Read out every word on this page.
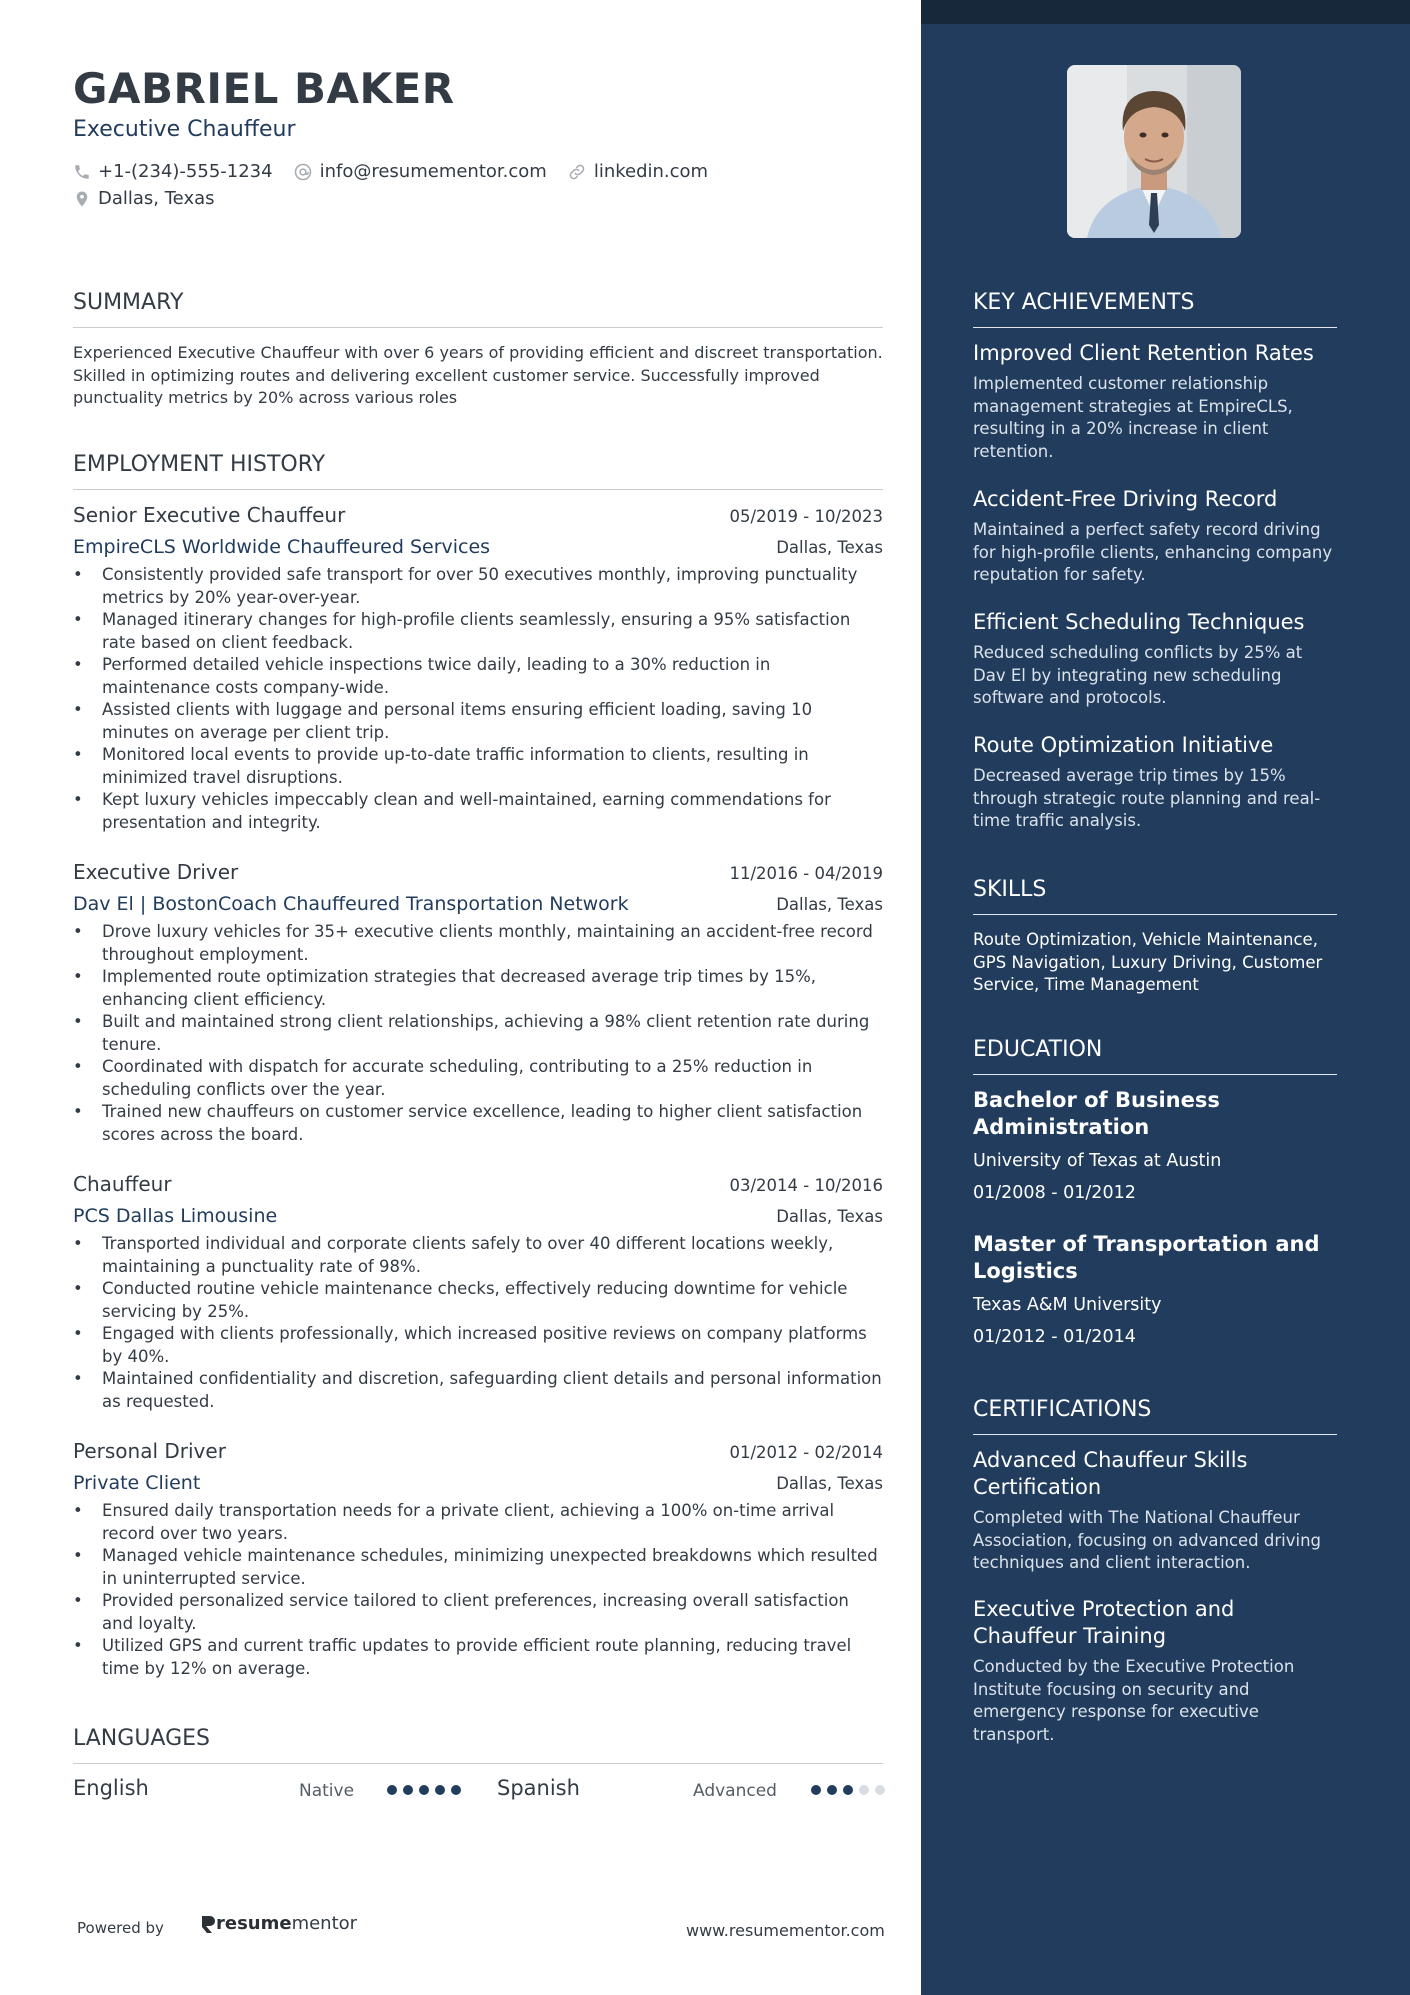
GABRIEL BAKER
Executive Chauffeur
+1-(234)-555-1234	info@resumementor.com	linkedin.com
Dallas, Texas
SUMMARY
Experienced Executive Chauffeur with over 6 years of providing efficient and discreet transportation. Skilled in optimizing routes and delivering excellent customer service. Successfully improved punctuality metrics by 20% across various roles
EMPLOYMENT HISTORY
Senior Executive Chauffeur	05/2019 - 10/2023
EmpireCLS Worldwide Chauffeured Services	Dallas, Texas
• Consistently provided safe transport for over 50 executives monthly, improving punctuality metrics by 20% year-over-year.
• Managed itinerary changes for high-profile clients seamlessly, ensuring a 95% satisfaction rate based on client feedback.
• Performed detailed vehicle inspections twice daily, leading to a 30% reduction in maintenance costs company-wide.
• Assisted clients with luggage and personal items ensuring efficient loading, saving 10 minutes on average per client trip.
• Monitored local events to provide up-to-date traffic information to clients, resulting in minimized travel disruptions.
• Kept luxury vehicles impeccably clean and well-maintained, earning commendations for presentation and integrity.
Executive Driver	11/2016 - 04/2019
Dav El | BostonCoach Chauffeured Transportation Network	Dallas, Texas
• Drove luxury vehicles for 35+ executive clients monthly, maintaining an accident-free record throughout employment.
• Implemented route optimization strategies that decreased average trip times by 15%, enhancing client efficiency.
• Built and maintained strong client relationships, achieving a 98% client retention rate during tenure.
• Coordinated with dispatch for accurate scheduling, contributing to a 25% reduction in scheduling conflicts over the year.
• Trained new chauffeurs on customer service excellence, leading to higher client satisfaction scores across the board.
Chauffeur	03/2014 - 10/2016
PCS Dallas Limousine	Dallas, Texas
• Transported individual and corporate clients safely to over 40 different locations weekly, maintaining a punctuality rate of 98%.
• Conducted routine vehicle maintenance checks, effectively reducing downtime for vehicle servicing by 25%.
• Engaged with clients professionally, which increased positive reviews on company platforms by 40%.
• Maintained confidentiality and discretion, safeguarding client details and personal information as requested.
Personal Driver	01/2012 - 02/2014
Private Client	Dallas, Texas
• Ensured daily transportation needs for a private client, achieving a 100% on-time arrival record over two years.
• Managed vehicle maintenance schedules, minimizing unexpected breakdowns which resulted in uninterrupted service.
• Provided personalized service tailored to client preferences, increasing overall satisfaction and loyalty.
• Utilized GPS and current traffic updates to provide efficient route planning, reducing travel time by 12% on average.
LANGUAGES
English	Native	Spanish	Advanced
Powered by	resume mentor	www.resumementor.com
KEY ACHIEVEMENTS
Improved Client Retention Rates
Implemented customer relationship management strategies at EmpireCLS, resulting in a 20% increase in client retention.
Accident-Free Driving Record
Maintained a perfect safety record driving for high-profile clients, enhancing company reputation for safety.
Efficient Scheduling Techniques
Reduced scheduling conflicts by 25% at Dav El by integrating new scheduling software and protocols.
Route Optimization Initiative
Decreased average trip times by 15% through strategic route planning and real-time traffic analysis.
SKILLS
Route Optimization, Vehicle Maintenance, GPS Navigation, Luxury Driving, Customer Service, Time Management
EDUCATION
Bachelor of Business Administration
University of Texas at Austin
01/2008 - 01/2012
Master of Transportation and Logistics
Texas A&M University
01/2012 - 01/2014
CERTIFICATIONS
Advanced Chauffeur Skills Certification
Completed with The National Chauffeur Association, focusing on advanced driving techniques and client interaction.
Executive Protection and Chauffeur Training
Conducted by the Executive Protection Institute focusing on security and emergency response for executive transport.
